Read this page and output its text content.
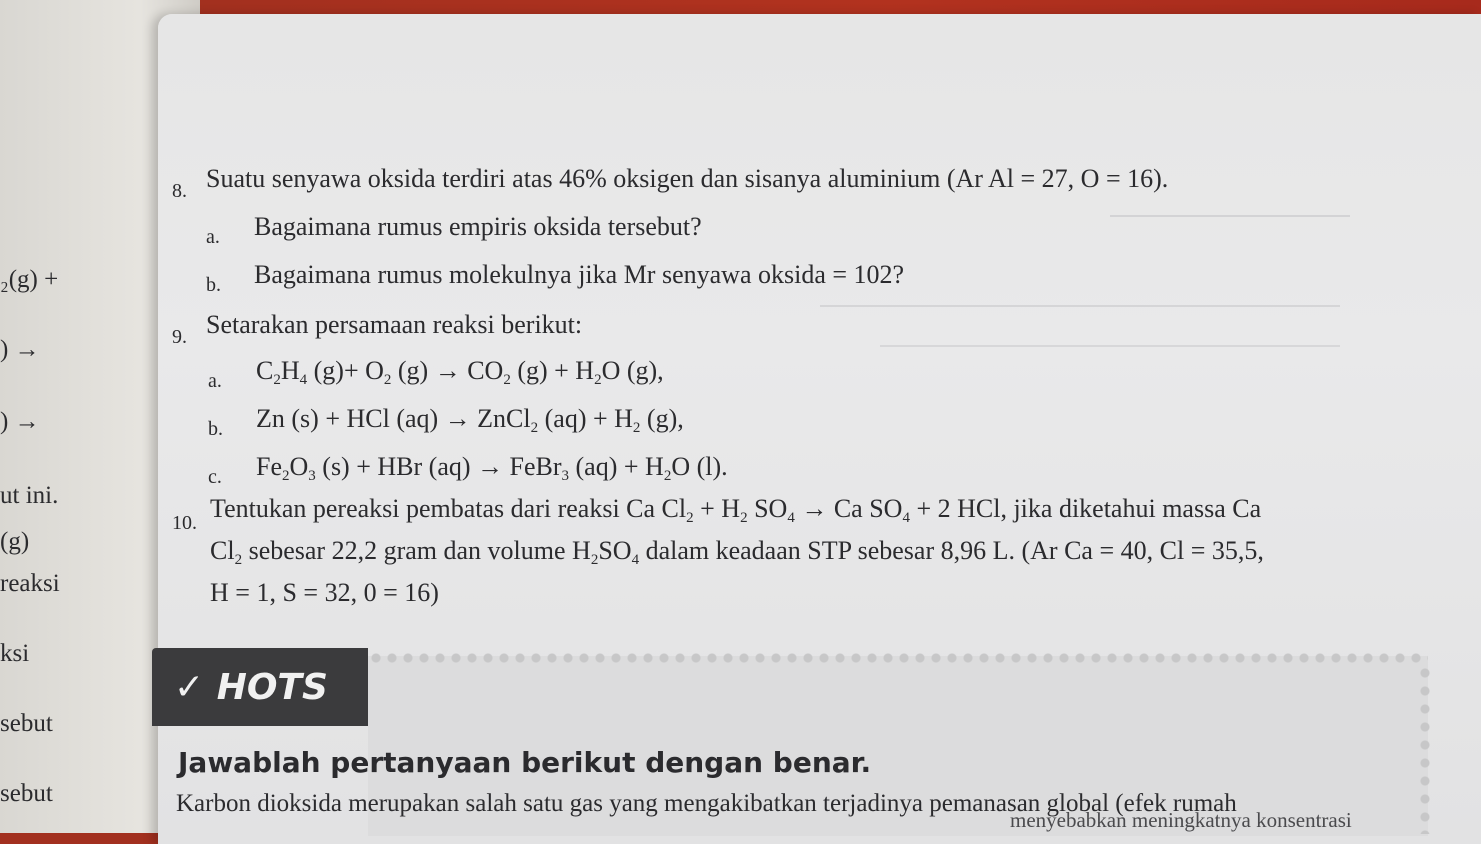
₂(g) +
) →
) →
ut ini.
(g)
reaksi
ksi
sebut
sebut
8. Suatu senyawa oksida terdiri atas 46% oksigen dan sisanya aluminium (Ar Al = 27, O = 16).
a. Bagaimana rumus empiris oksida tersebut?
b. Bagaimana rumus molekulnya jika Mr senyawa oksida = 102?
9. Setarakan persamaan reaksi berikut:
a. $C_2H_4$ $(g)+ O_2$ $(g) \to CO_2$ $(g) + H_2O$ (g),
b. Zn (s) + HCl (aq) → ZnCl$_2$ $(aq) + H_2$ (g),
c. $Fe_2O_3$ (s) + HBr (aq) → FeBr$_3$ $(aq) + H_2O$ (l).
10. Tentukan pereaksi pembatas dari reaksi Ca $Cl_2 + H_2$ $SO_4 \to Ca$ $SO_4 + 2$ HCl, jika diketahui massa Ca
$Cl_2$ sebesar 22,2 gram dan volume $H_2SO_4$ dalam keadaan STP sebesar 8,96 L. (Ar Ca = 40, Cl = 35,5,
H = 1, S = 32, 0 = 16)
✓ HOTS
Jawablah pertanyaan berikut dengan benar.
Karbon dioksida merupakan salah satu gas yang mengakibatkan terjadinya pemanasan global (efek rumah
menyebabkan meningkatnya konsentrasi
